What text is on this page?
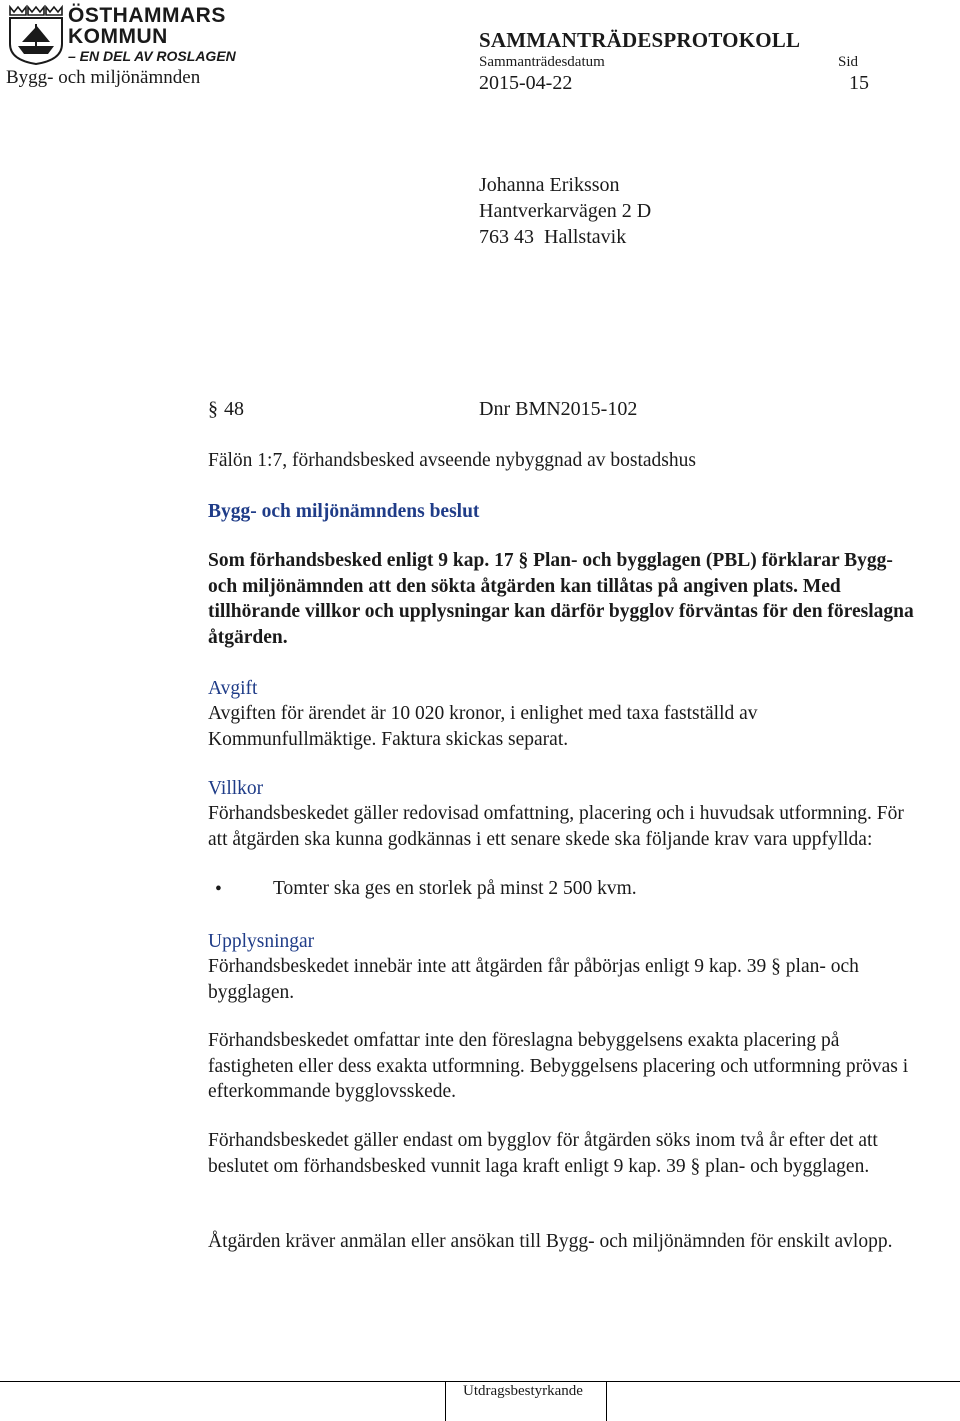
ÖSTHAMMARS
KOMMUN
– EN DEL AV ROSLAGEN
Bygg- och miljönämnden
SAMMANTRÄDESPROTOKOLL
Sammanträdesdatum
2015-04-22
Sid
15
Johanna Eriksson
Hantverkarvägen 2 D
763 43  Hallstavik
§ 48	Dnr BMN2015-102
Fälön 1:7, förhandsbesked avseende nybyggnad av bostadshus
Bygg- och miljönämndens beslut

Som förhandsbesked enligt 9 kap. 17 § Plan- och bygglagen (PBL) förklarar Bygg- och miljönämnden att den sökta åtgärden kan tillåtas på angiven plats. Med tillhörande villkor och upplysningar kan därför bygglov förväntas för den föreslagna åtgärden.

Avgift

Avgiften för ärendet är 10 020 kronor, i enlighet med taxa fastställd av Kommunfullmäktige. Faktura skickas separat.

Villkor

Förhandsbeskedet gäller redovisad omfattning, placering och i huvudsak utformning. För att åtgärden ska kunna godkännas i ett senare skede ska följande krav vara uppfyllda:

•	Tomter ska ges en storlek på minst 2 500 kvm.
Upplysningar

Förhandsbeskedet innebär inte att åtgärden får påbörjas enligt 9 kap. 39 § plan- och bygglagen.

Förhandsbeskedet omfattar inte den föreslagna bebyggelsens exakta placering på fastigheten eller dess exakta utformning. Bebyggelsens placering och utformning prövas i efterkommande bygglovsskede.

Förhandsbeskedet gäller endast om bygglov för åtgärden söks inom två år efter det att beslutet om förhandsbesked vunnit laga kraft enligt 9 kap. 39 § plan- och bygglagen.

Åtgärden kräver anmälan eller ansökan till Bygg- och miljönämnden för enskilt avlopp.

Utdragsbestyrkande
